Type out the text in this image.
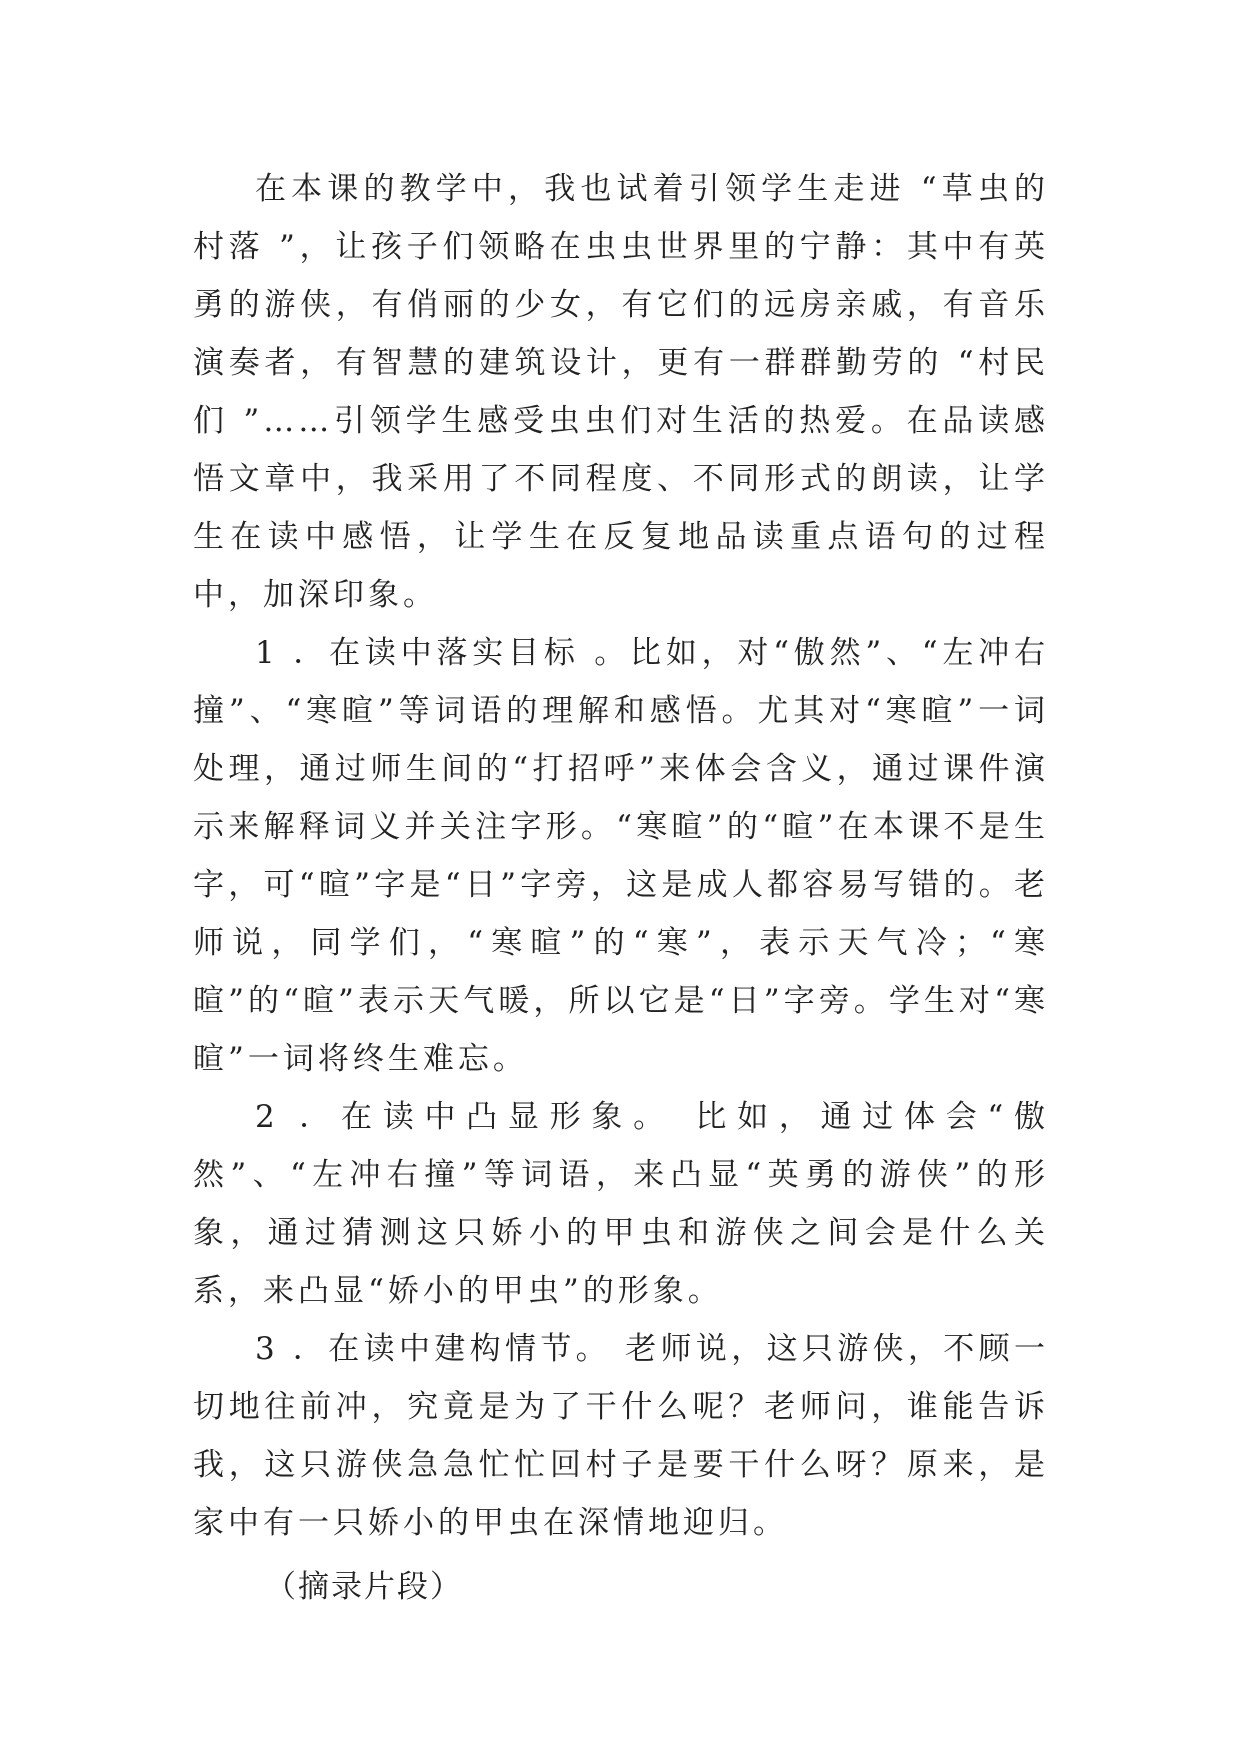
在本课的教学中，我也试着引领学生走进 “草虫的村落 ”，让孩子们领略在虫虫世界里的宁静：其中有英勇的游侠，有俏丽的少女，有它们的远房亲戚，有音乐演奏者，有智慧的建筑设计，更有一群群勤劳的 “村民们 ”……引领学生感受虫虫们对生活的热爱。在品读感悟文章中，我采用了不同程度、不同形式的朗读，让学生在读中感悟，让学生在反复地品读重点语句的过程中，加深印象。

1 ．在读中落实目标 。比如，对“傲然”、“左冲右撞”、“寒暄”等词语的理解和感悟。尤其对“寒暄”一词处理，通过师生间的“打招呼”来体会含义，通过课件演示来解释词义并关注字形。“寒暄”的“暄”在本课不是生字，可“暄”字是“日”字旁，这是成人都容易写错的。老师说，同学们，“寒暄”的“寒”，表示天气冷；“寒暄”的“暄”表示天气暖，所以它是“日”字旁。学生对“寒暄”一词将终生难忘。

2 ．在读中凸显形象。 比如，通过体会“傲然”、“左冲右撞”等词语，来凸显“英勇的游侠”的形象，通过猜测这只娇小的甲虫和游侠之间会是什么关系，来凸显“娇小的甲虫”的形象。

3 ．在读中建构情节。 老师说，这只游侠，不顾一切地往前冲，究竟是为了干什么呢？老师问，谁能告诉我，这只游侠急急忙忙回村子是要干什么呀？原来，是家中有一只娇小的甲虫在深情地迎归。

（摘录片段）
